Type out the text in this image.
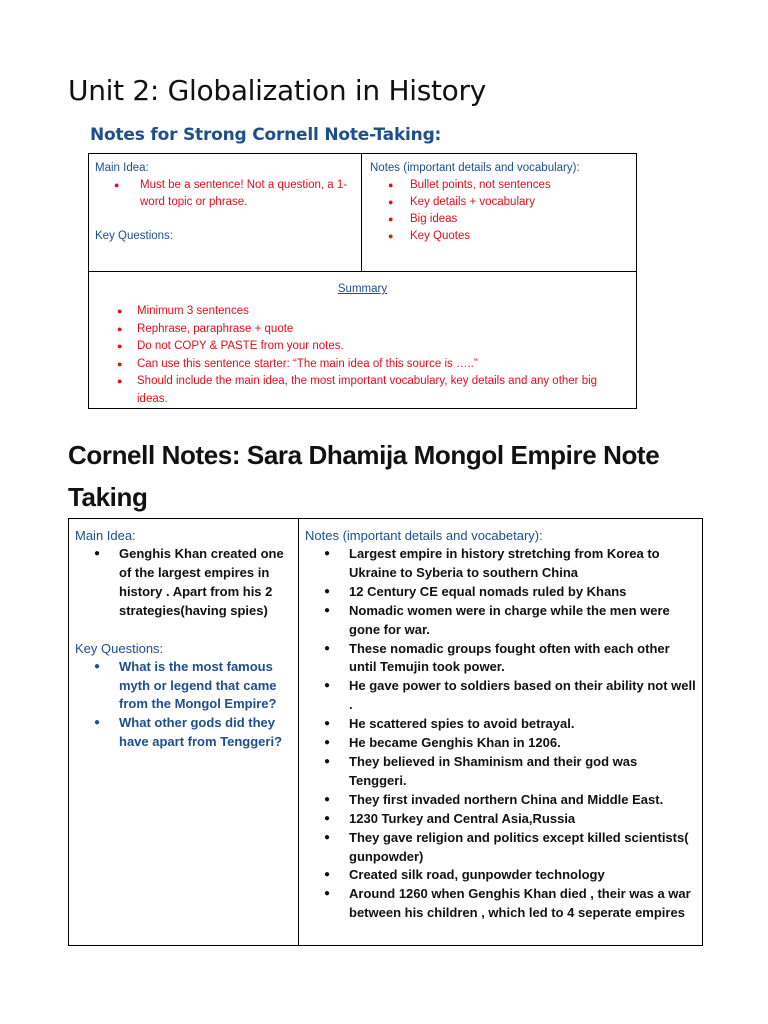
Unit 2: Globalization in History
Notes for Strong Cornell Note-Taking:
Main Idea:
● Must be a sentence! Not a question, a 1-word topic or phrase.
Key Questions:
Notes (important details and vocabulary):
● Bullet points, not sentences
● Key details + vocabulary
● Big ideas
● Key Quotes
Summary
● Minimum 3 sentences
● Rephrase, paraphrase + quote
● Do not COPY & PASTE from your notes.
● Can use this sentence starter: “The main idea of this source is …..”
● Should include the main idea, the most important vocabulary, key details and any other big ideas.
Cornell Notes: Sara Dhamija Mongol Empire Note Taking
Main Idea:
● Genghis Khan created one of the largest empires in history . Apart from his 2 strategies(having spies)
Key Questions:
● What is the most famous myth or legend that came from the Mongol Empire?
● What other gods did they have apart from Tenggeri?
Notes (important details and vocabetary):
● Largest empire in history stretching from Korea to Ukraine to Syberia to southern China
● 12 Century CE equal nomads ruled by Khans
● Nomadic women were in charge while the men were gone for war.
● These nomadic groups fought often with each other until Temujin took power.
● He gave power to soldiers based on their ability not well .
● He scattered spies to avoid betrayal.
● He became Genghis Khan in 1206.
● They believed in Shaminism and their god was Tenggeri.
● They first invaded northern China and Middle East.
● 1230 Turkey and Central Asia,Russia
● They gave religion and politics except killed scientists( gunpowder)
● Created silk road, gunpowder technology
● Around 1260 when Genghis Khan died , their was a war between his children , which led to 4 seperate empires
